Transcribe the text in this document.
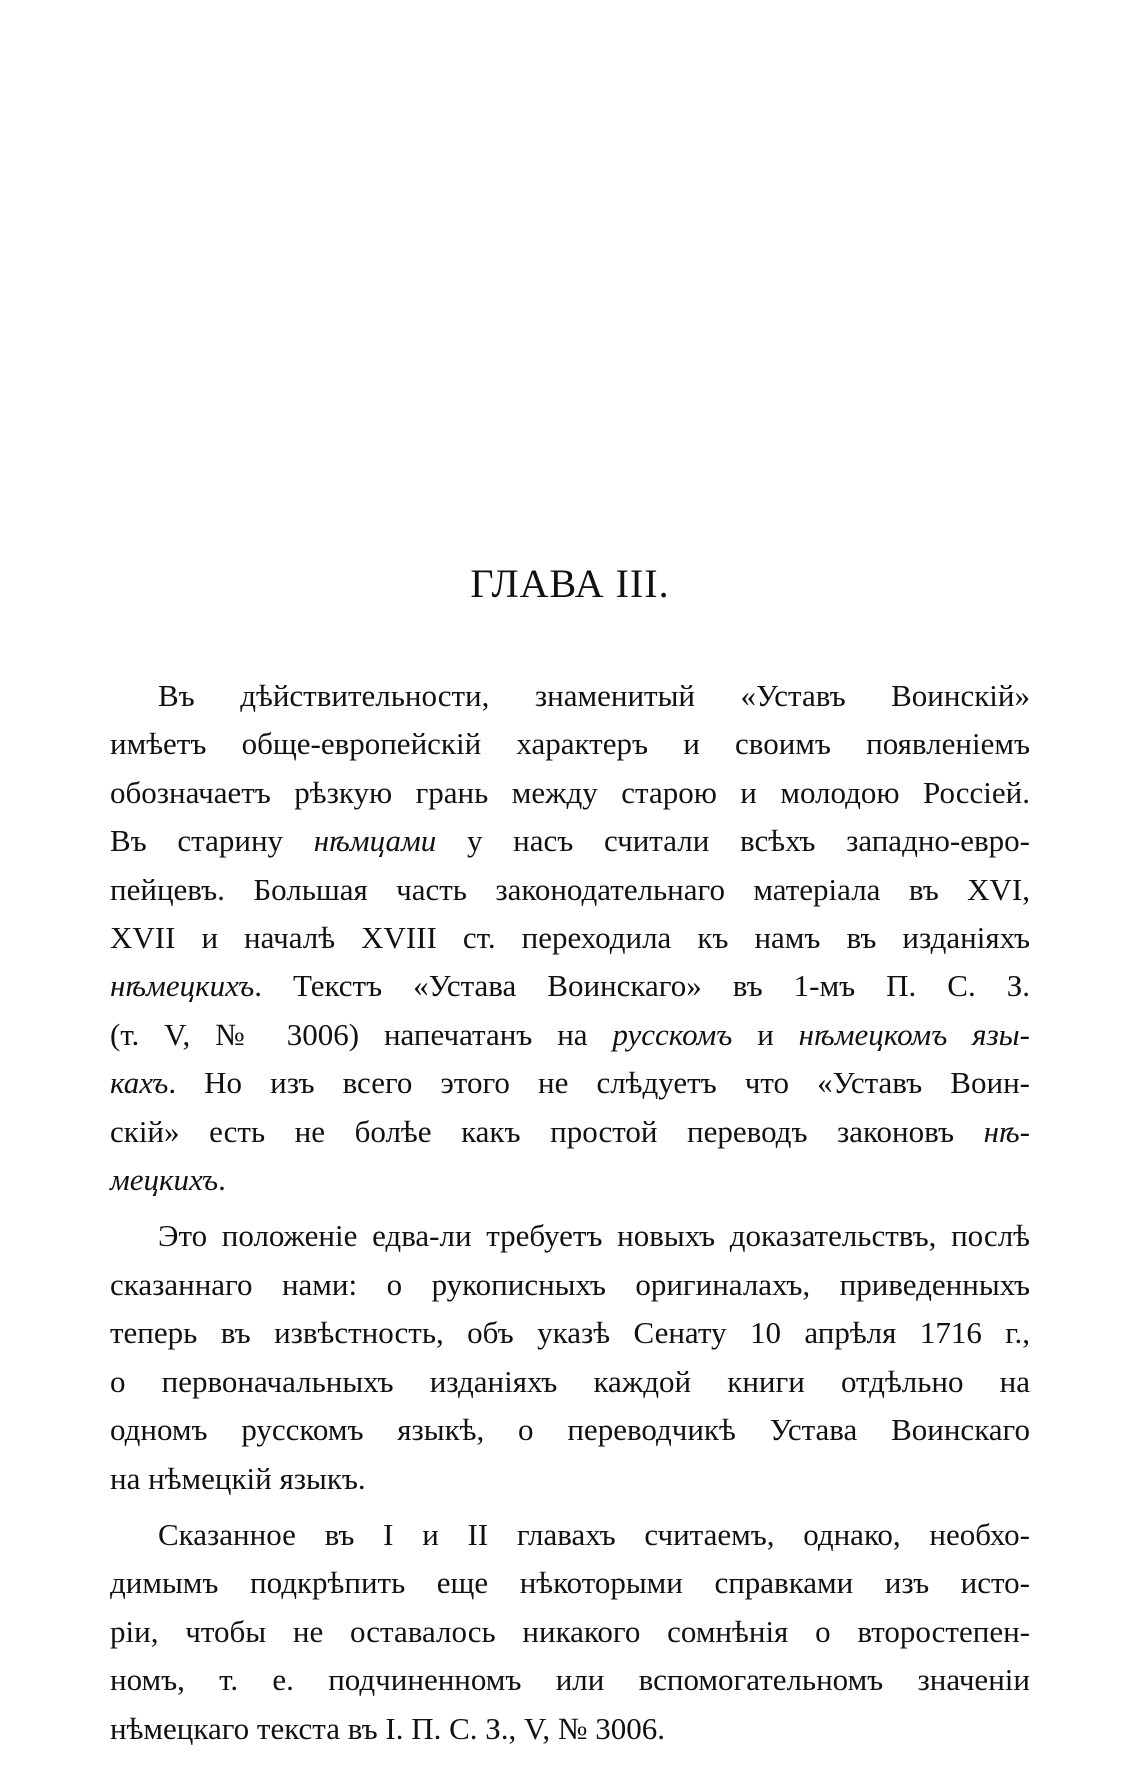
ГЛАВА III.
Въ дѣйствительности, знаменитый «Уставъ Воинскій»
имѣетъ обще-европейскій характеръ и своимъ появленіемъ
обозначаетъ рѣзкую грань между старою и молодою Россіей.
Въ старину нѣмцами у насъ считали всѣхъ западно-евро-
пейцевъ. Большая часть законодательнаго матеріала въ XVI,
XVII и началѣ XVIII ст. переходила къ намъ въ изданіяхъ
нѣмецкихъ. Текстъ «Устава Воинскаго» въ 1-мъ П. С. З.
(т. V, № 3006) напечатанъ на русскомъ и нѣмецкомъ язы-
кахъ. Но изъ всего этого не слѣдуетъ что «Уставъ Воин-
скій» есть не болѣе какъ простой переводъ законовъ нѣ-
мецкихъ.
Это положеніе едва-ли требуетъ новыхъ доказательствъ, послѣ
сказаннаго нами: о рукописныхъ оригиналахъ, приведенныхъ
теперь въ извѣстность, объ указѣ Сенату 10 апрѣля 1716 г.,
о первоначальныхъ изданіяхъ каждой книги отдѣльно на
одномъ русскомъ языкѣ, о переводчикѣ Устава Воинскаго
на нѣмецкій языкъ.
Сказанное въ I и II главахъ считаемъ, однако, необхо-
димымъ подкрѣпить еще нѣкоторыми справками изъ исто-
ріи, чтобы не оставалось никакого сомнѣнія о второстепен-
номъ, т. е. подчиненномъ или вспомогательномъ значеніи
нѣмецкаго текста въ I. П. С. З., V, № 3006.
